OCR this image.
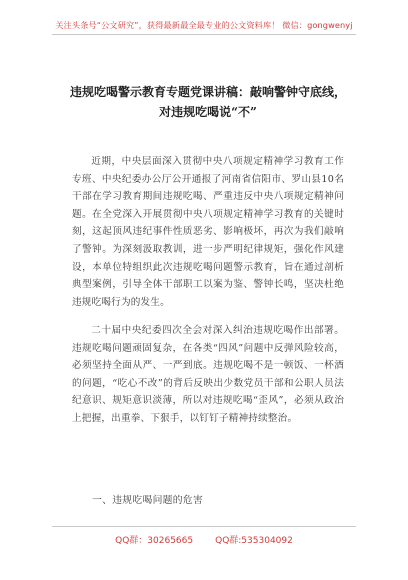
关注头条号“公文研究”，获得最新最全最专业的公文资料库！ 微信：gongwenyj
违规吃喝警示教育专题党课讲稿：敲响警钟守底线，对违规吃喝说“不”
近期，中央层面深入贯彻中央八项规定精神学习教育工作专班、中央纪委办公厅公开通报了河南省信阳市、罗山县10名干部在学习教育期间违规吃喝、严重违反中央八项规定精神问题。在全党深入开展贯彻中央八项规定精神学习教育的关键时刻，这起顶风违纪事件性质恶劣、影响极坏，再次为我们敲响了警钟。为深刻汲取教训，进一步严明纪律规矩，强化作风建设，本单位特组织此次违规吃喝问题警示教育，旨在通过剖析典型案例，引导全体干部职工以案为鉴、警钟长鸣，坚决杜绝违规吃喝行为的发生。
二十届中央纪委四次全会对深入纠治违规吃喝作出部署。违规吃喝问题顽固复杂，在各类“四风”问题中反弹风险较高，必须坚持全面从严、一严到底。违规吃喝不是一顿饭、一杯酒的问题，“吃心不改”的背后反映出少数党员干部和公职人员法纪意识、规矩意识淡薄，所以对违规吃喝“歪风”，必须从政治上把握，出重拳、下狠手，以钉钉子精神持续整治。
一、违规吃喝问题的危害
QQ群：30265665 QQ群:535304092
